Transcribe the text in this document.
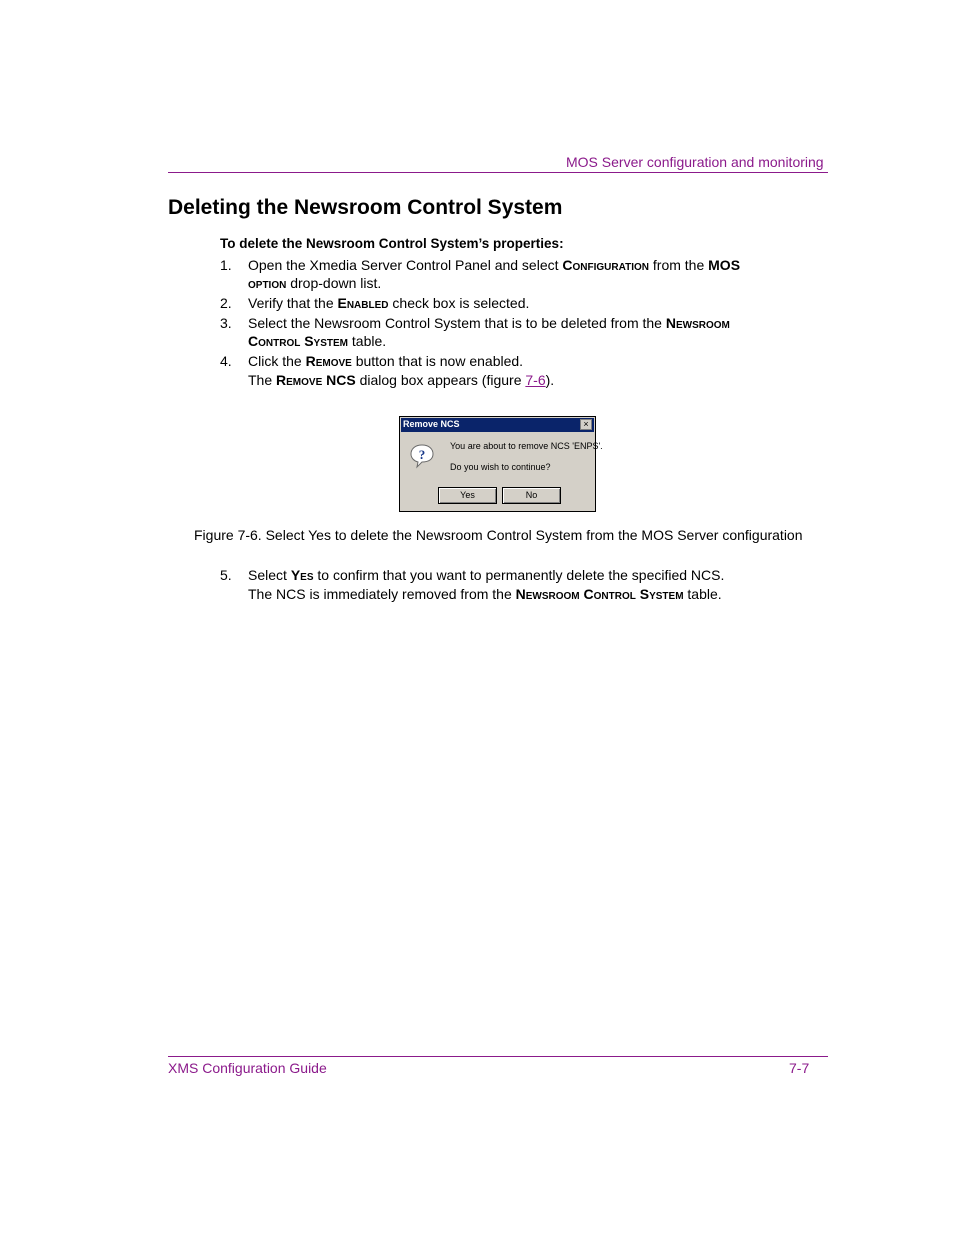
MOS Server configuration and monitoring
Deleting the Newsroom Control System
To delete the Newsroom Control System’s properties:
1. Open the Xmedia Server Control Panel and select Configuration from the MOS
option drop-down list.
2. Verify that the Enabled check box is selected.
3. Select the Newsroom Control System that is to be deleted from the Newsroom
Control System table.
4. Click the Remove button that is now enabled.
The Remove NCS dialog box appears (figure 7-6).
Remove NCS	×
?
You are about to remove NCS 'ENPS'.
Do you wish to continue?
Yes	No
Figure 7-6. Select Yes to delete the Newsroom Control System from the MOS Server configuration
5. Select Yes to confirm that you want to permanently delete the specified NCS.
The NCS is immediately removed from the Newsroom Control System table.
XMS Configuration Guide	7-7
